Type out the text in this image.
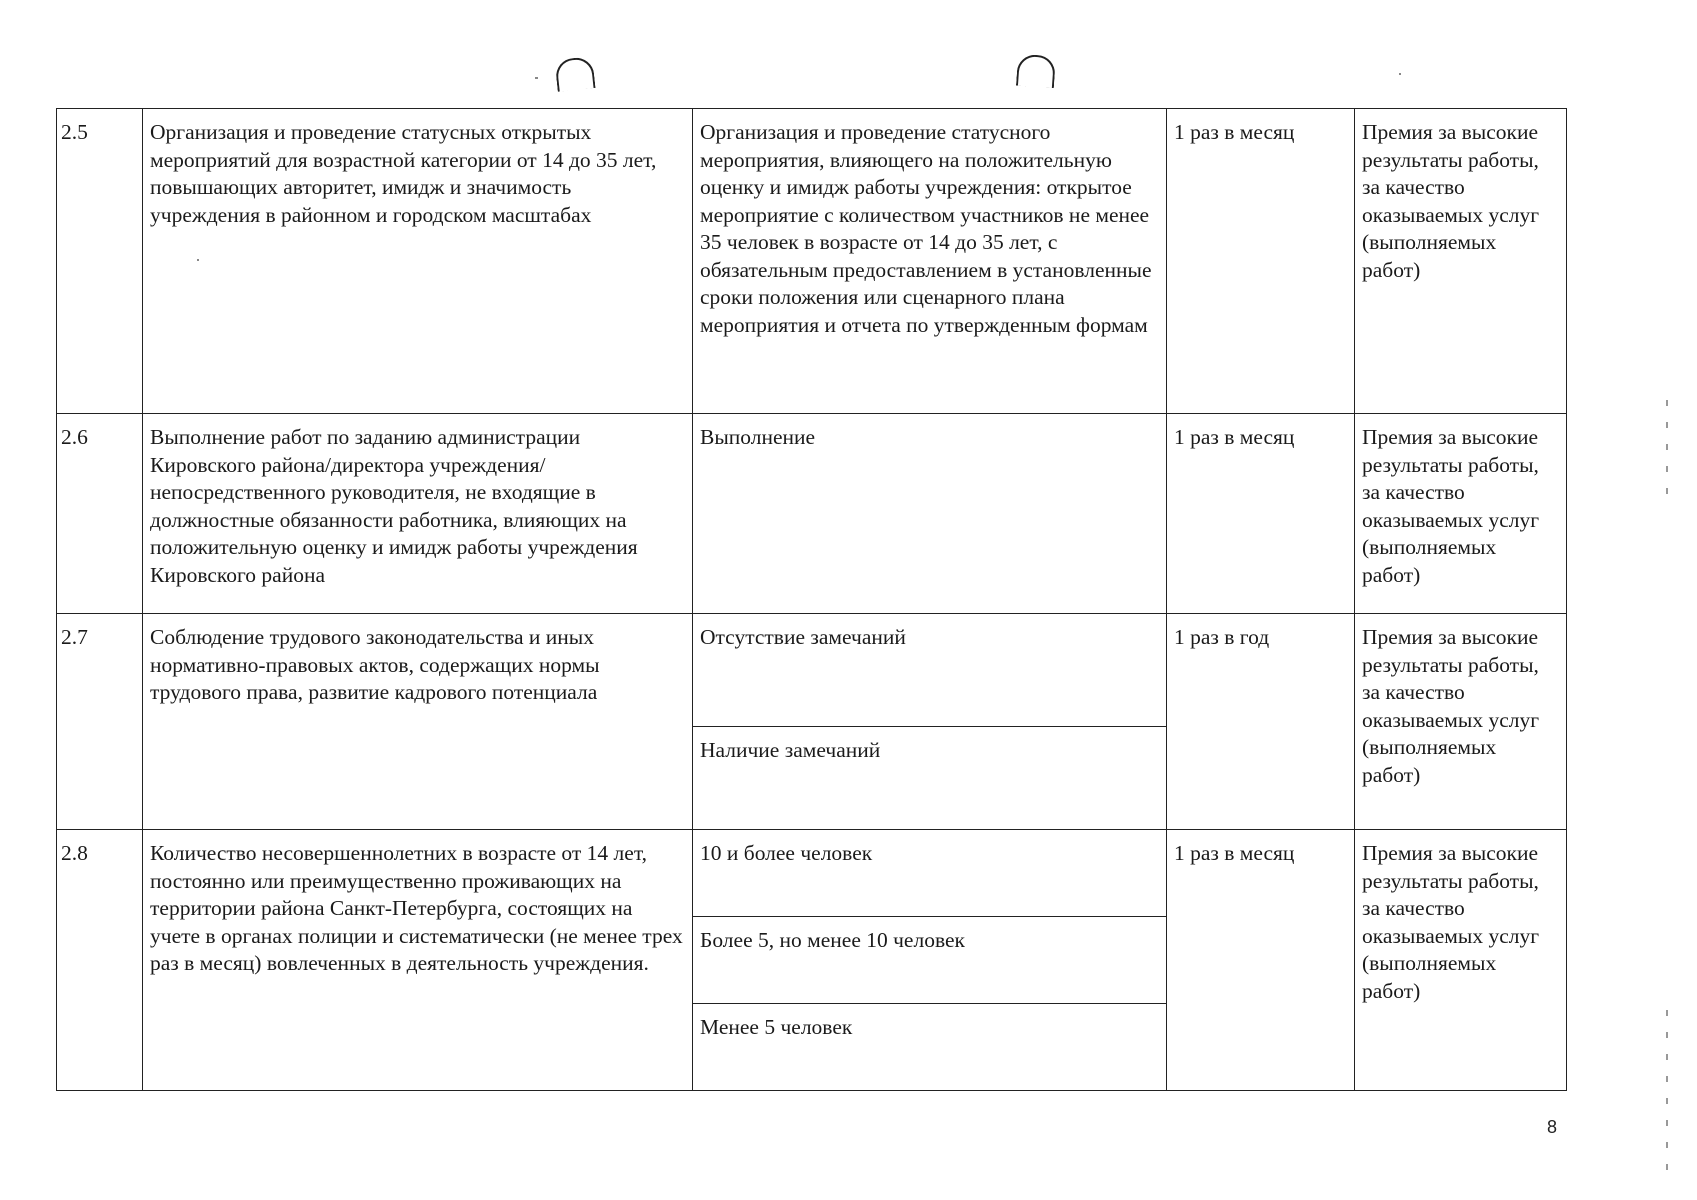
2.5	Организация и проведение статусных открытых мероприятий для возрастной категории от 14 до 35 лет, повышающих авторитет, имидж и значимость учреждения в районном и городском масштабах	Организация и проведение статусного мероприятия, влияющего на положительную оценку и имидж работы учреждения: открытое мероприятие с количеством участников не менее 35 человек в возрасте от 14 до 35 лет, с обязательным предоставлением в установленные сроки положения или сценарного плана мероприятия и отчета по утвержденным формам	1 раз в месяц	Премия за высокие результаты работы, за качество оказываемых услуг (выполняемых работ)
2.6	Выполнение работ по заданию администрации Кировского района/директора учреждения/непосредственного руководителя, не входящие в должностные обязанности работника, влияющих на положительную оценку и имидж работы учреждения Кировского района	Выполнение	1 раз в месяц	Премия за высокие результаты работы, за качество оказываемых услуг (выполняемых работ)
2.7	Соблюдение трудового законодательства и иных нормативно-правовых актов, содержащих нормы трудового права, развитие кадрового потенциала	Отсутствие замечаний	1 раз в год	Премия за высокие результаты работы, за качество оказываемых услуг (выполняемых работ)
		Наличие замечаний		
2.8	Количество несовершеннолетних в возрасте от 14 лет, постоянно или преимущественно проживающих на территории района Санкт-Петербурга, состоящих на учете в органах полиции и систематически (не менее трех раз в месяц) вовлеченных в деятельность учреждения.	10 и более человек	1 раз в месяц	Премия за высокие результаты работы, за качество оказываемых услуг (выполняемых работ)
		Более 5, но менее 10 человек		
		Менее 5 человек		
8
